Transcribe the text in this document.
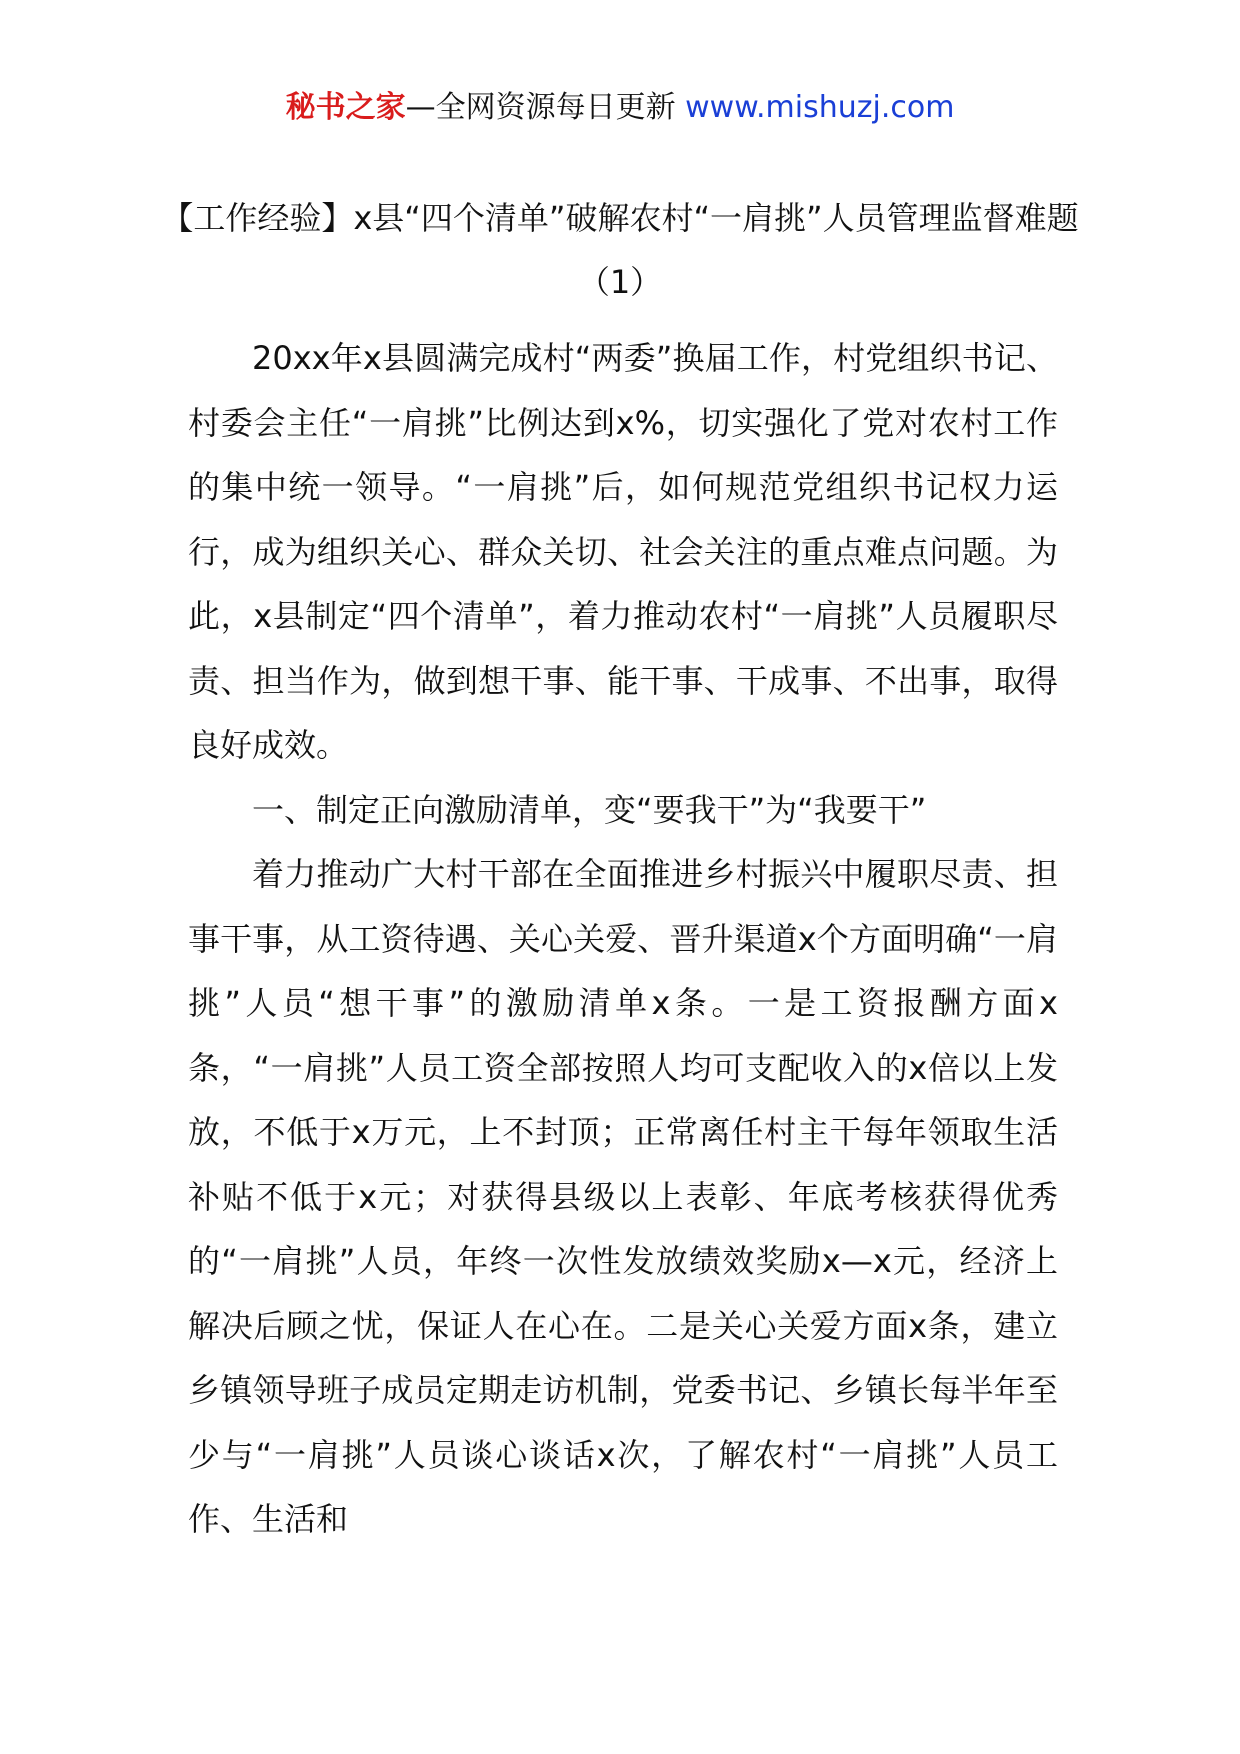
秘书之家—全网资源每日更新 www.mishuzj.com
【工作经验】x县“四个清单”破解农村“一肩挑”人员管理监督难题（1）

20xx年x县圆满完成村“两委”换届工作，村党组织书记、村委会主任“一肩挑”比例达到x%，切实强化了党对农村工作的集中统一领导。“一肩挑”后，如何规范党组织书记权力运行，成为组织关心、群众关切、社会关注的重点难点问题。为此，x县制定“四个清单”，着力推动农村“一肩挑”人员履职尽责、担当作为，做到想干事、能干事、干成事、不出事，取得良好成效。

一、制定正向激励清单，变“要我干”为“我要干”

着力推动广大村干部在全面推进乡村振兴中履职尽责、担事干事，从工资待遇、关心关爱、晋升渠道x个方面明确“一肩挑”人员“想干事”的激励清单x条。一是工资报酬方面x条，“一肩挑”人员工资全部按照人均可支配收入的x倍以上发放，不低于x万元，上不封顶；正常离任村主干每年领取生活补贴不低于x元；对获得县级以上表彰、年底考核获得优秀的“一肩挑”人员，年终一次性发放绩效奖励x—x元，经济上解决后顾之忧，保证人在心在。二是关心关爱方面x条，建立乡镇领导班子成员定期走访机制，党委书记、乡镇长每半年至少与“一肩挑”人员谈心谈话x次，了解农村“一肩挑”人员工作、生活和
